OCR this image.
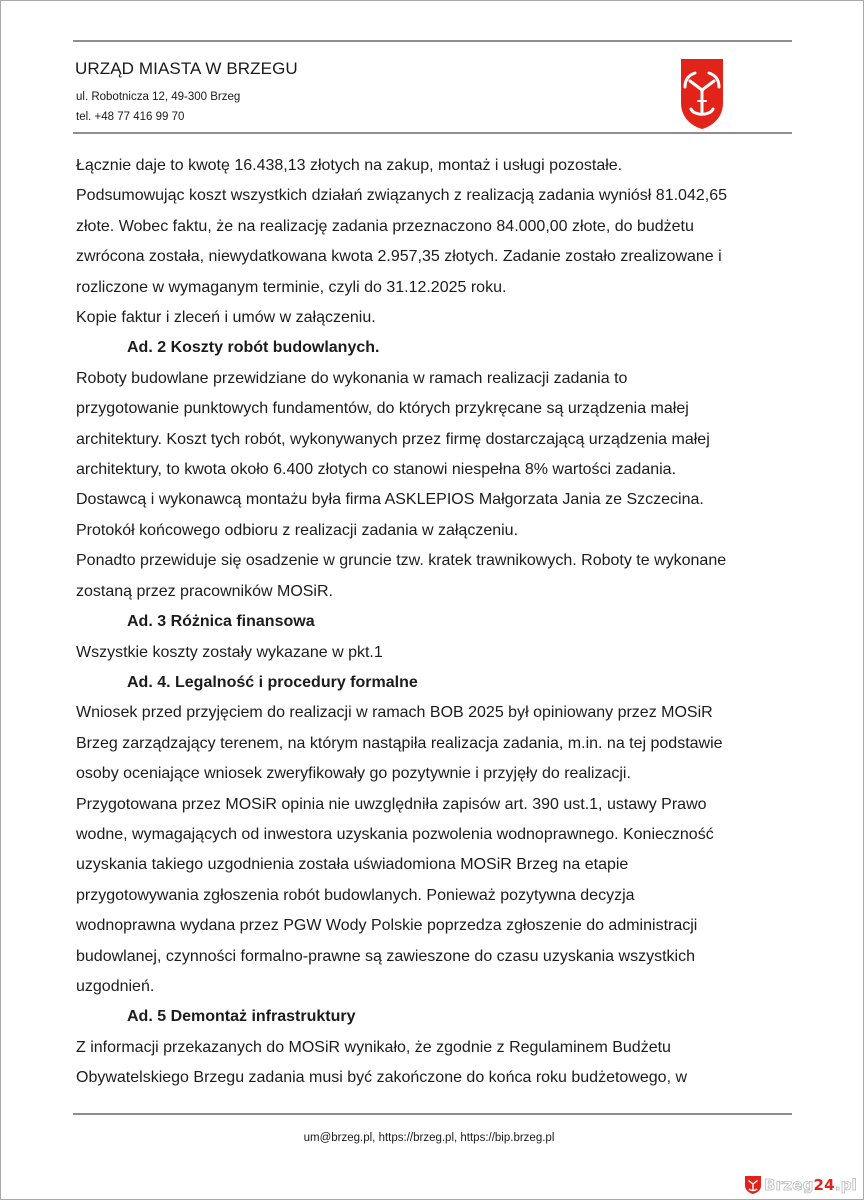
URZĄD MIASTA W BRZEGU
ul. Robotnicza 12, 49-300 Brzeg
tel. +48 77 416 99 70

Łącznie daje to kwotę 16.438,13 złotych na zakup, montaż i usługi pozostałe.

Podsumowując koszt wszystkich działań związanych z realizacją zadania wyniósł 81.042,65

złote. Wobec faktu, że na realizację zadania przeznaczono 84.000,00 złote, do budżetu

zwrócona została, niewydatkowana kwota 2.957,35 złotych. Zadanie zostało zrealizowane i

rozliczone w wymaganym terminie, czyli do 31.12.2025 roku.

Kopie faktur i zleceń i umów w załączeniu.

Ad. 2 Koszty robót budowlanych.

Roboty budowlane przewidziane do wykonania w ramach realizacji zadania to

przygotowanie punktowych fundamentów, do których przykręcane są urządzenia małej

architektury. Koszt tych robót, wykonywanych przez firmę dostarczającą urządzenia małej

architektury, to kwota około 6.400 złotych co stanowi niespełna 8% wartości zadania.

Dostawcą i wykonawcą montażu była firma ASKLEPIOS Małgorzata Jania ze Szczecina.

Protokół końcowego odbioru z realizacji zadania w załączeniu.

Ponadto przewiduje się osadzenie w gruncie tzw. kratek trawnikowych. Roboty te wykonane

zostaną przez pracowników MOSiR.

Ad. 3 Różnica finansowa

Wszystkie koszty zostały wykazane w pkt.1

Ad. 4. Legalność i procedury formalne

Wniosek przed przyjęciem do realizacji w ramach BOB 2025 był opiniowany przez MOSiR

Brzeg zarządzający terenem, na którym nastąpiła realizacja zadania, m.in. na tej podstawie

osoby oceniające wniosek zweryfikowały go pozytywnie i przyjęły do realizacji.

Przygotowana przez MOSiR opinia nie uwzględniła zapisów art. 390 ust.1, ustawy Prawo

wodne, wymagających od inwestora uzyskania pozwolenia wodnoprawnego. Konieczność

uzyskania takiego uzgodnienia została uświadomiona MOSiR Brzeg na etapie

przygotowywania zgłoszenia robót budowlanych. Ponieważ pozytywna decyzja

wodnoprawna wydana przez PGW Wody Polskie poprzedza zgłoszenie do administracji

budowlanej, czynności formalno-prawne są zawieszone do czasu uzyskania wszystkich

uzgodnień.

Ad. 5 Demontaż infrastruktury

Z informacji przekazanych do MOSiR wynikało, że zgodnie z Regulaminem Budżetu

Obywatelskiego Brzegu zadania musi być zakończone do końca roku budżetowego, w

um@brzeg.pl, https://brzeg.pl, https://bip.brzeg.pl
Brzeg24.pl
